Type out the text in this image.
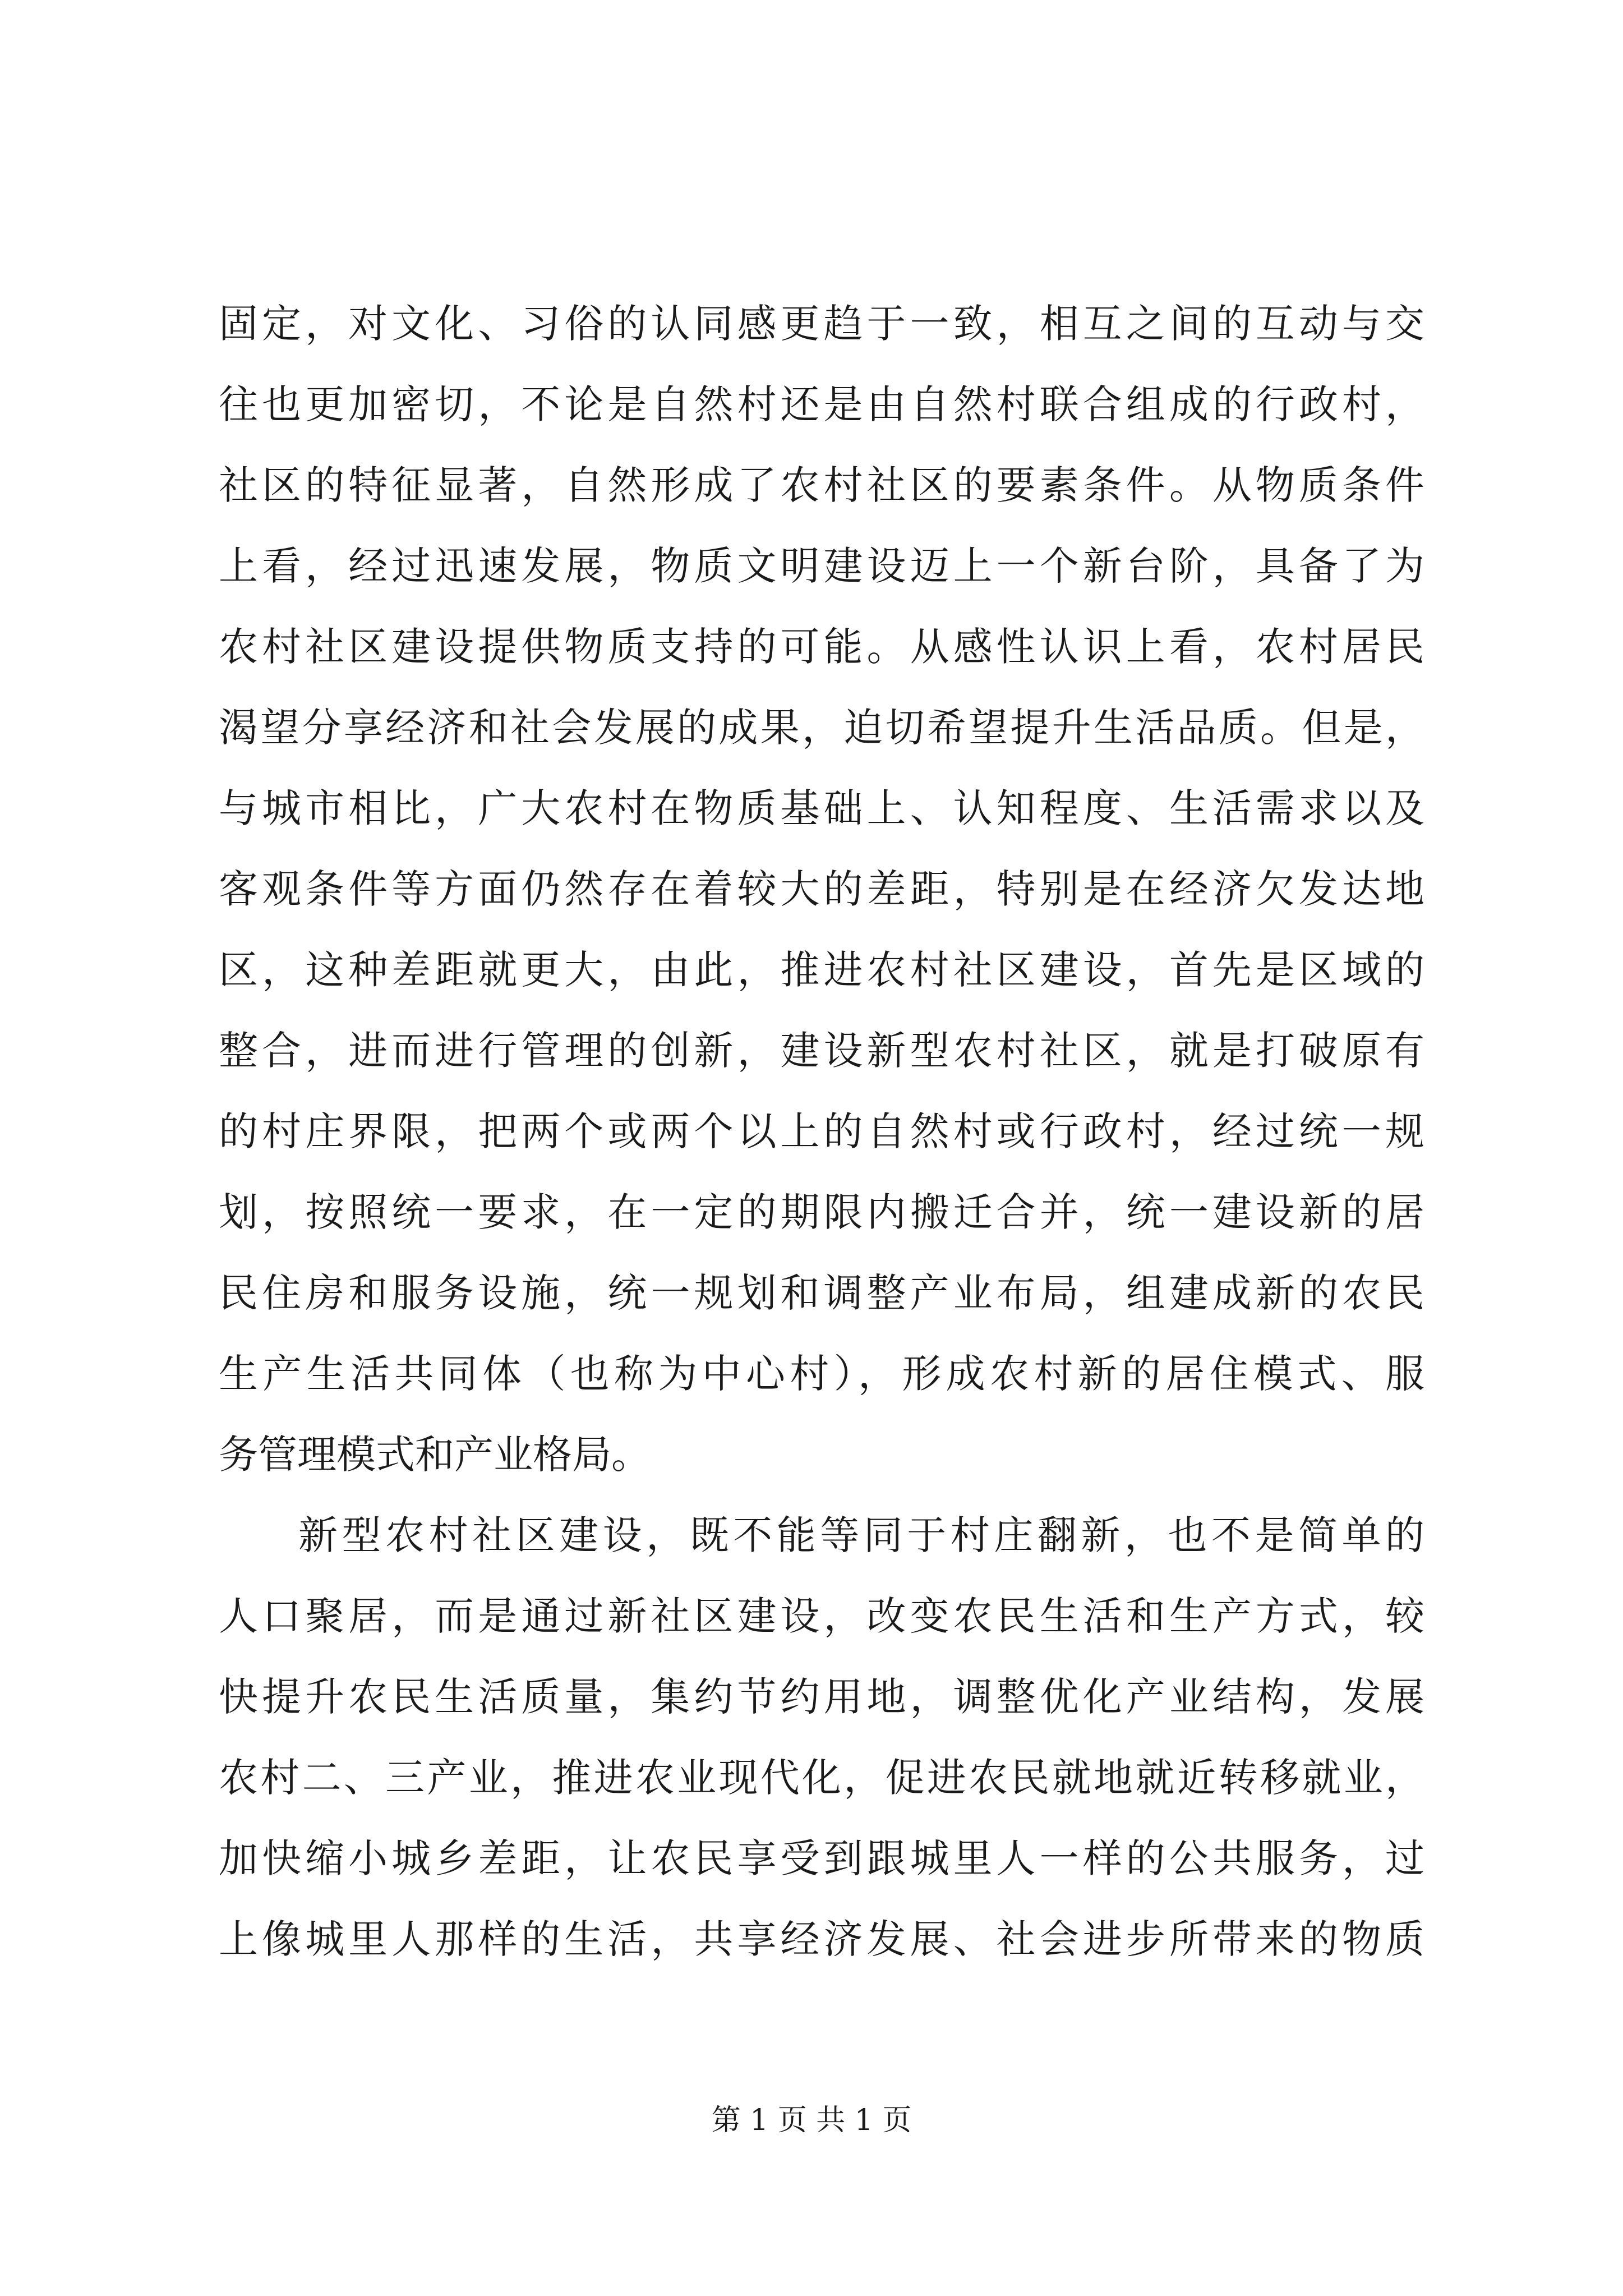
固定，对文化、习俗的认同感更趋于一致，相互之间的互动与交
往也更加密切，不论是自然村还是由自然村联合组成的行政村，
社区的特征显著，自然形成了农村社区的要素条件。从物质条件
上看，经过迅速发展，物质文明建设迈上一个新台阶，具备了为
农村社区建设提供物质支持的可能。从感性认识上看，农村居民
渴望分享经济和社会发展的成果，迫切希望提升生活品质。但是，
与城市相比，广大农村在物质基础上、认知程度、生活需求以及
客观条件等方面仍然存在着较大的差距，特别是在经济欠发达地
区，这种差距就更大，由此，推进农村社区建设，首先是区域的
整合，进而进行管理的创新，建设新型农村社区，就是打破原有
的村庄界限，把两个或两个以上的自然村或行政村，经过统一规
划，按照统一要求，在一定的期限内搬迁合并，统一建设新的居
民住房和服务设施，统一规划和调整产业布局，组建成新的农民
生产生活共同体（也称为中心村），形成农村新的居住模式、服
务管理模式和产业格局。
新型农村社区建设，既不能等同于村庄翻新，也不是简单的
人口聚居，而是通过新社区建设，改变农民生活和生产方式，较
快提升农民生活质量，集约节约用地，调整优化产业结构，发展
农村二、三产业，推进农业现代化，促进农民就地就近转移就业，
加快缩小城乡差距，让农民享受到跟城里人一样的公共服务，过
上像城里人那样的生活，共享经济发展、社会进步所带来的物质
第 1 页 共 1 页
